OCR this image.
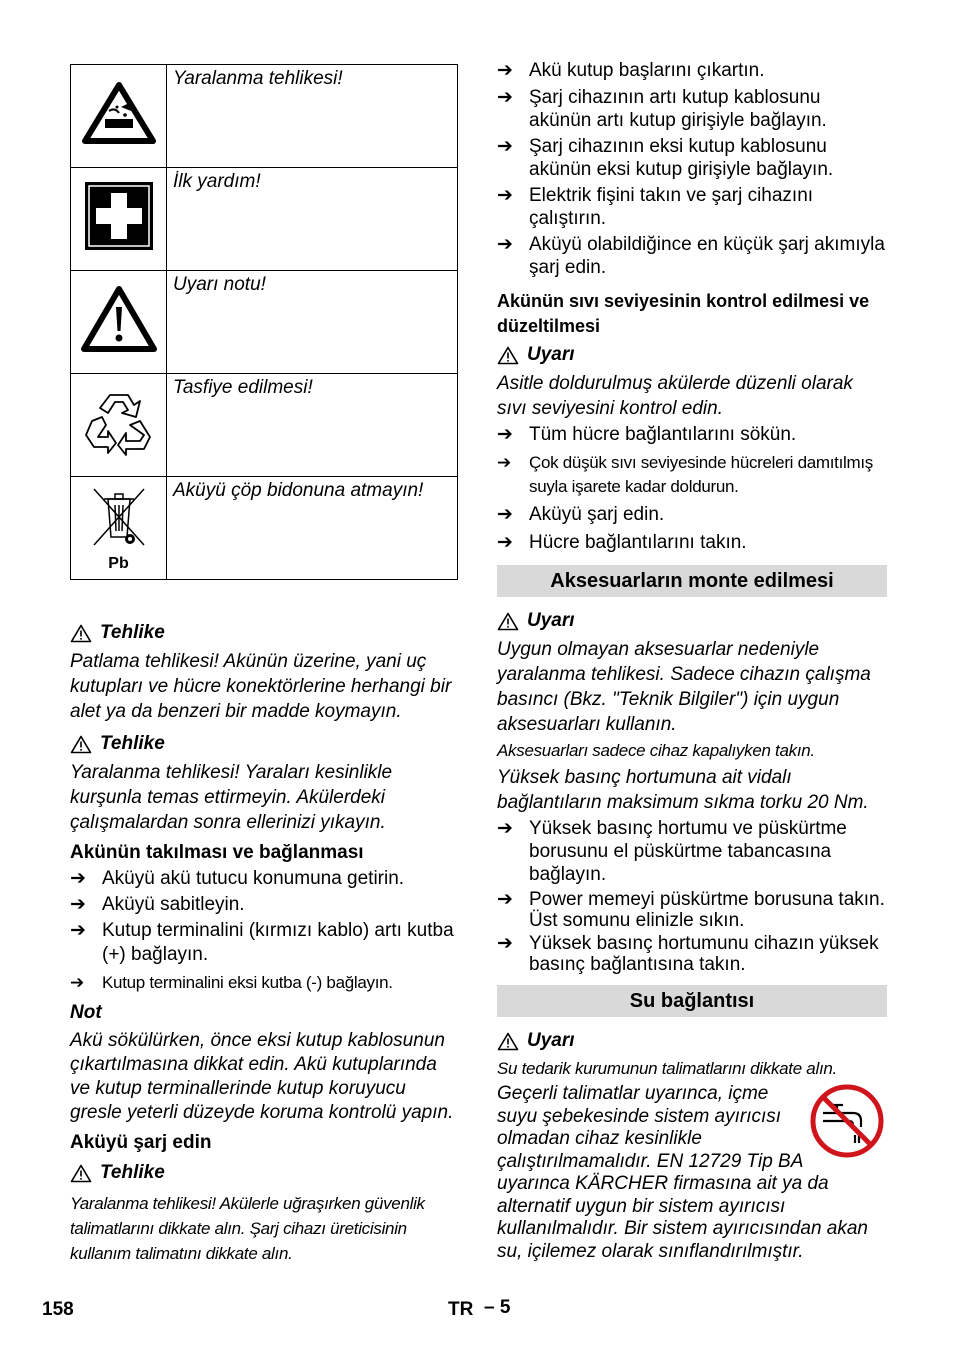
	Yaralanma tehlikesi!
	İlk yardım!
	Uyarı notu!
	Tasfiye edilmesi!

Pb	Aküyü çöp bidonuna atmayın!
Tehlike

Patlama tehlikesi! Akünün üzerine, yani uç kutupları ve hücre konektörlerine herhangi bir alet ya da benzeri bir madde koymayın.

Tehlike

Yaralanma tehlikesi! Yaraları kesinlikle kurşunla temas ettirmeyin. Akülerdeki çalışmalardan sonra ellerinizi yıkayın.

Akünün takılması ve bağlanması
➔ Aküyü akü tutucu konumuna getirin.
➔ Aküyü sabitleyin.
➔ Kutup terminalini (kırmızı kablo) artı kutba (+) bağlayın.
➔ Kutup terminalini eksi kutba (-) bağlayın.
Not

Akü sökülürken, önce eksi kutup kablosunun çıkartılmasına dikkat edin. Akü kutuplarında ve kutup terminallerinde kutup koruyucu gresle yeterli düzeyde koruma kontrolü yapın.

Aküyü şarj edin
Tehlike

Yaralanma tehlikesi! Akülerle uğraşırken güvenlik talimatlarını dikkate alın. Şarj cihazı üreticisinin kullanım talimatını dikkate alın.

➔ Akü kutup başlarını çıkartın.
➔ Şarj cihazının artı kutup kablosunu akünün artı kutup girişiyle bağlayın.
➔ Şarj cihazının eksi kutup kablosunu akünün eksi kutup girişiyle bağlayın.
➔ Elektrik fişini takın ve şarj cihazını çalıştırın.
➔ Aküyü olabildiğince en küçük şarj akımıyla şarj edin.
Akünün sıvı seviyesinin kontrol edilmesi ve düzeltilmesi
Uyarı

Asitle doldurulmuş akülerde düzenli olarak sıvı seviyesini kontrol edin.

➔ Tüm hücre bağlantılarını sökün.
➔ Çok düşük sıvı seviyesinde hücreleri damıtılmış suyla işarete kadar doldurun.
➔ Aküyü şarj edin.
➔ Hücre bağlantılarını takın.
Aksesuarların monte edilmesi
Uyarı

Uygun olmayan aksesuarlar nedeniyle yaralanma tehlikesi. Sadece cihazın çalışma basıncı (Bkz. "Teknik Bilgiler") için uygun aksesuarları kullanın.

Aksesuarları sadece cihaz kapalıyken takın.

Yüksek basınç hortumuna ait vidalı bağlantıların maksimum sıkma torku 20 Nm.

➔ Yüksek basınç hortumu ve püskürtme borusunu el püskürtme tabancasına bağlayın.
➔ Power memeyi püskürtme borusuna takın. Üst somunu elinizle sıkın.
➔ Yüksek basınç hortumunu cihazın yüksek basınç bağlantısına takın.
Su bağlantısı
Uyarı

Su tedarik kurumunun talimatlarını dikkate alın.

Geçerli talimatlar uyarınca, içme suyu şebekesinde sistem ayırıcısı olmadan cihaz kesinlikle çalıştırılmamalıdır. EN 12729 Tip BA uyarınca KÄRCHER firmasına ait ya da alternatif uygun bir sistem ayırıcısı kullanılmalıdır. Bir sistem ayırıcısından akan su, içilemez olarak sınıflandırılmıştır.

158	TR – 5
